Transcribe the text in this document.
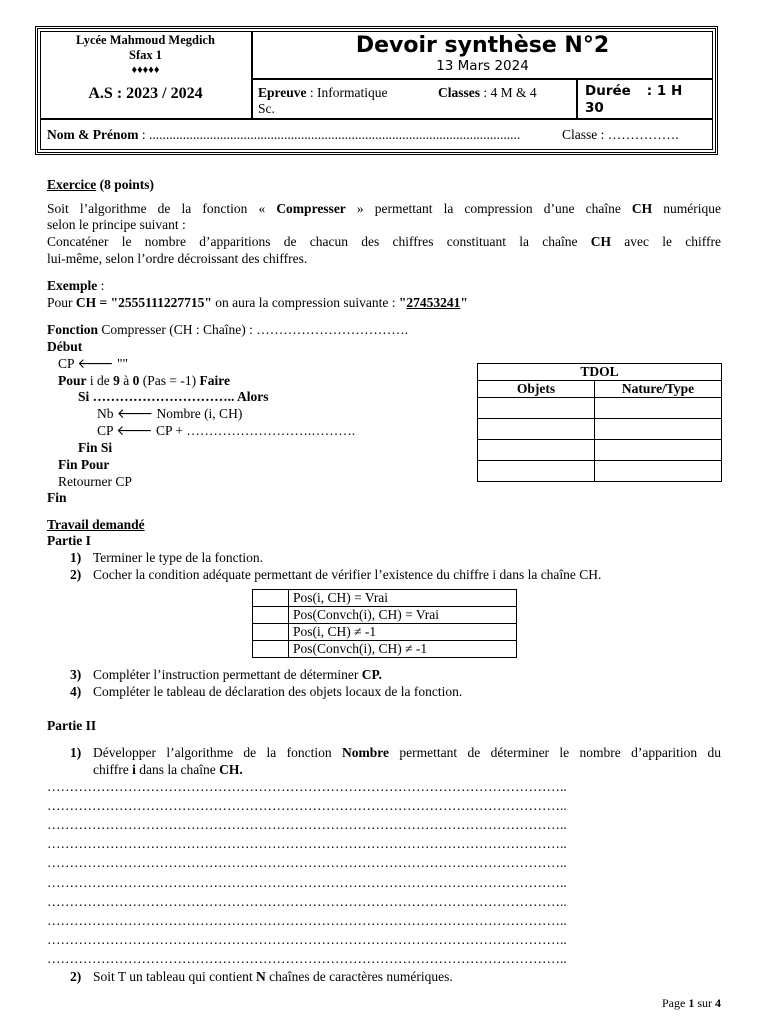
Lycée Mahmoud Megdich
Sfax 1
♦♦♦♦♦
A.S : 2023 / 2024
Devoir synthèse N°2
13 Mars 2024
Epreuve : Informatique
Sc.
Classes : 4 M & 4	Durée : 1 H
30
Nom & Prénom : ..............................................................................................................	Classe : …………….
Exercice (8 points)
Soit l’algorithme de la fonction « Compresser » permettant la compression d’une chaîne CH numérique
selon le principe suivant :
Concaténer le nombre d’apparitions de chacun des chiffres constituant la chaîne CH avec le chiffre
lui-même, selon l’ordre décroissant des chiffres.
Exemple :
Pour CH = "2555111227715" on aura la compression suivante : "27453241"
Fonction Compresser (CH : Chaîne) : …………………………….
Début
CP 🡐 ""
Pour i de 9 à 0 (Pas = -1) Faire
Si ………………………….. Alors
Nb 🡐 Nombre (i, CH)
CP 🡐 CP + ……………………….……….
Fin Si
Fin Pour
Retourner CP
Fin
TDOL	
Objets	Nature/Type

Travail demandé
Partie I
1) Terminer le type de la fonction.
2) Cocher la condition adéquate permettant de vérifier l’existence du chiffre i dans la chaîne CH.
	Pos(i, CH) = Vrai
	Pos(Convch(i), CH) = Vrai
	Pos(i, CH) ≠ -1
	Pos(Convch(i), CH) ≠ -1
3) Compléter l’instruction permettant de déterminer CP.
4) Compléter le tableau de déclaration des objets locaux de la fonction.
Partie II
1) Développer l’algorithme de la fonction Nombre permettant de déterminer le nombre d’apparition du
chiffre i dans la chaîne CH.
……………………………………………………………………………………………………..
……………………………………………………………………………………………………..
……………………………………………………………………………………………………..
……………………………………………………………………………………………………..
……………………………………………………………………………………………………..
……………………………………………………………………………………………………..
……………………………………………………………………………………………………..
……………………………………………………………………………………………………..
……………………………………………………………………………………………………..
……………………………………………………………………………………………………..
2) Soit T un tableau qui contient N chaînes de caractères numériques.
Page 1 sur 4
